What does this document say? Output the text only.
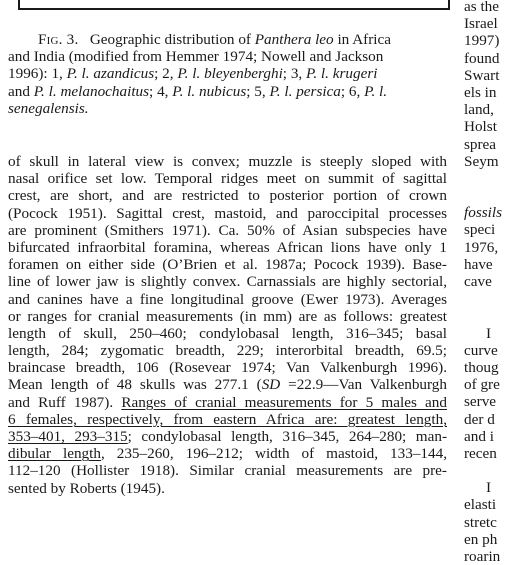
Fig. 3. Geographic distribution of Panthera leo in Africa
and India (modified from Hemmer 1974; Nowell and Jackson
1996): 1, P. l. azandicus; 2, P. l. bleyenberghi; 3, P. l. krugeri
and P. l. melanochaitus; 4, P. l. nubicus; 5, P. l. persica; 6, P. l.
senegalensis.
of skull in lateral view is convex; muzzle is steeply sloped with
nasal orifice set low. Temporal ridges meet on summit of sagittal
crest, are short, and are restricted to posterior portion of crown
(Pocock 1951). Sagittal crest, mastoid, and paroccipital processes
are prominent (Smithers 1971). Ca. 50% of Asian subspecies have
bifurcated infraorbital foramina, whereas African lions have only 1
foramen on either side (O’Brien et al. 1987a; Pocock 1939). Base-
line of lower jaw is slightly convex. Carnassials are highly sectorial,
and canines have a fine longitudinal groove (Ewer 1973). Averages
or ranges for cranial measurements (in mm) are as follows: greatest
length of skull, 250–460; condylobasal length, 316–345; basal
length, 284; zygomatic breadth, 229; interorbital breadth, 69.5;
braincase breadth, 106 (Rosevear 1974; Van Valkenburgh 1996).
Mean length of 48 skulls was 277.1 (SD =22.9—Van Valkenburgh
and Ruff 1987). Ranges of cranial measurements for 5 males and
6 females, respectively, from eastern Africa are: greatest length,
353–401, 293–315; condylobasal length, 316–345, 264–280; man-
dibular length, 235–260, 196–212; width of mastoid, 133–144,
112–120 (Hollister 1918). Similar cranial measurements are pre-
sented by Roberts (1945).
as the
Israel
1997)
found
Swart
els in
land,
Holst
sprea
Seym

fossils
speci
1976,
have
cave

I
curve
thoug
of gre
serve
der d
and i
recen

I
elasti
stretc
en ph
roarin
